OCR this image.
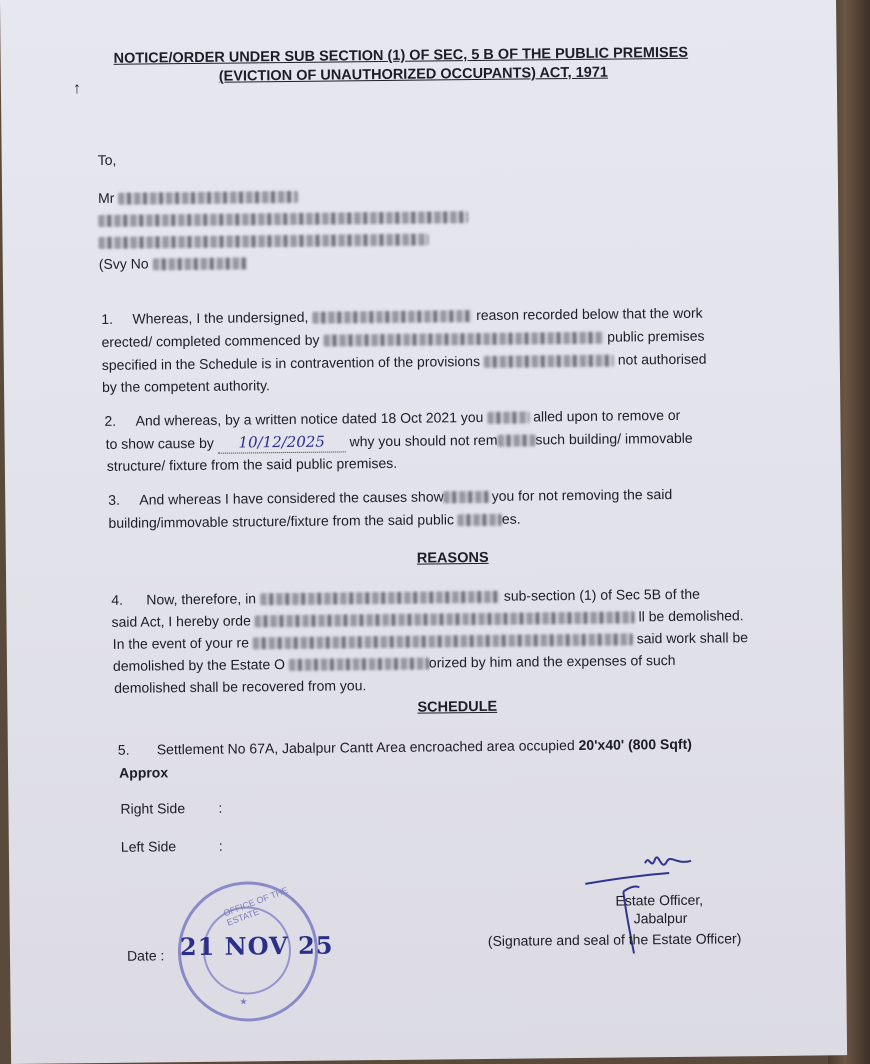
NOTICE/ORDER UNDER SUB SECTION (1) OF SEC, 5 B OF THE PUBLIC PREMISES
(EVICTION OF UNAUTHORIZED OCCUPANTS) ACT, 1971
To,
Mr
(Svy No
1. Whereas, I the undersigned,	reason recorded below that the work
erected/ completed commenced by	public premises
specified in the Schedule is in contravention of the provisions	not authorised
by the competent authority.
2. And whereas, by a written notice dated 18 Oct 2021 you	alled upon to remove or
to show cause by 10/12/2025 why you should not rem	such building/ immovable
structure/ fixture from the said public premises.
3. And whereas I have considered the causes show	you for not removing the said
building/immovable structure/fixture from the said public	es.
REASONS
4. Now, therefore, in	sub-section (1) of Sec 5B of the
said Act, I hereby orde	ll be demolished.
In the event of your re	said work shall be
demolished by the Estate O	orized by him and the expenses of such
demolished shall be recovered from you.
SCHEDULE
5. Settlement No 67A, Jabalpur Cantt Area encroached area occupied 20'x40' (800 Sqft)
Approx
Right Side :
Left Side	:
OFFICE OF THE ESTATE
★
Date : 21 NOV 25
Estate Officer,
Jabalpur
(Signature and seal of the Estate Officer)
↑
